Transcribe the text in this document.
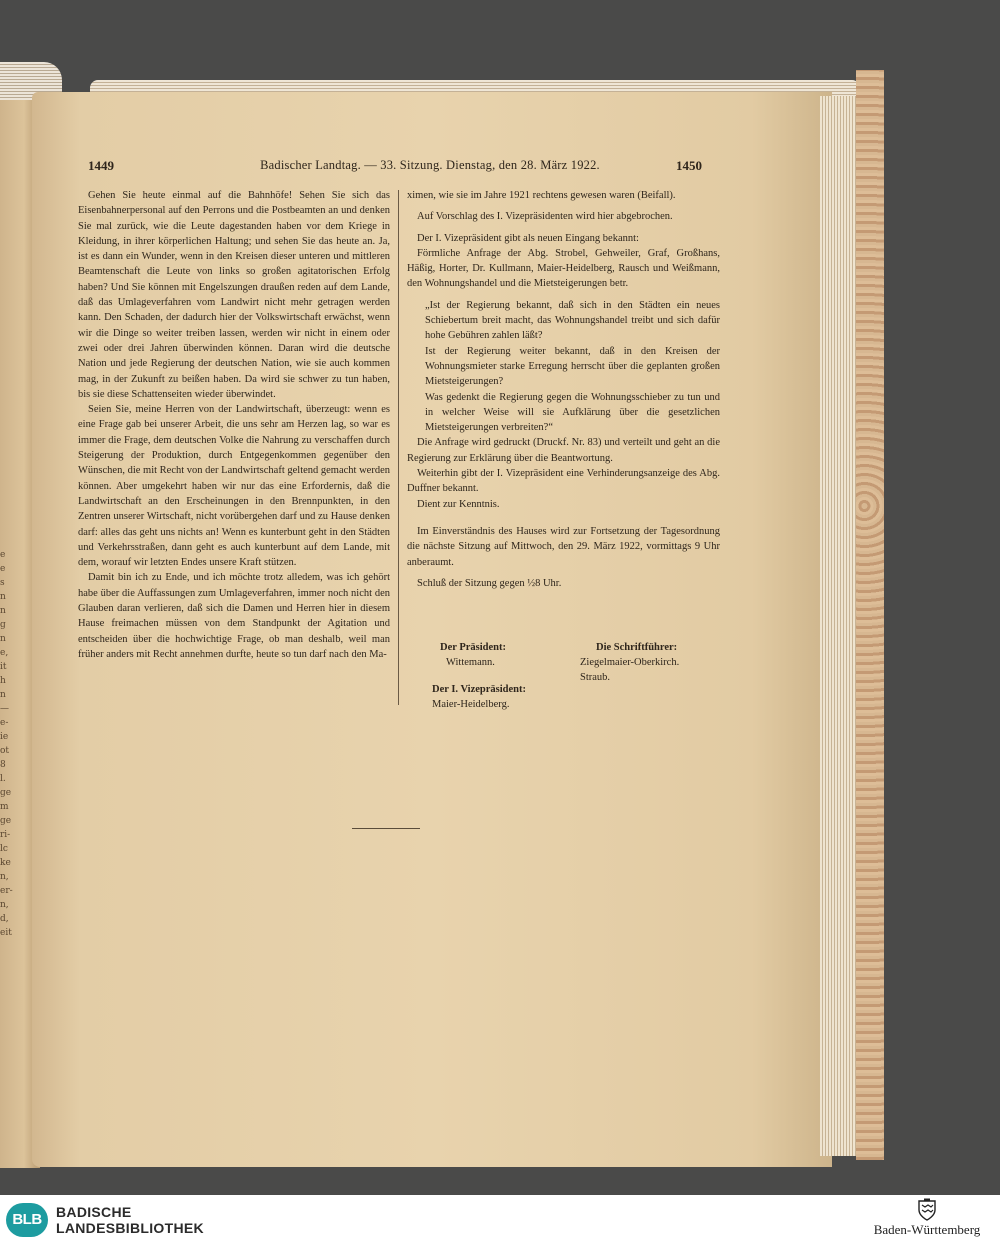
e
e
s
n
n
g
n
e,
it
h
n
—
e-
ie
ot
8
l.
ge
m
ge
ri-
lc
ke
n,
er-
n,
d,
eit
1449	Badischer Landtag. — 33. Sitzung. Dienstag, den 28. März 1922.	1450

Gehen Sie heute einmal auf die Bahnhöfe! Sehen Sie sich das Eisenbahnerpersonal auf den Perrons und die Postbeamten an und denken Sie mal zurück, wie die Leute dagestanden haben vor dem Kriege in Kleidung, in ihrer körperlichen Haltung; und sehen Sie das heute an. Ja, ist es dann ein Wunder, wenn in den Kreisen dieser unteren und mittleren Beamtenschaft die Leute von links so großen agitatorischen Erfolg haben? Und Sie können mit Engelszungen draußen reden auf dem Lande, daß das Umlageverfahren vom Landwirt nicht mehr getragen werden kann. Den Schaden, der dadurch hier der Volkswirtschaft erwächst, wenn wir die Dinge so weiter treiben lassen, werden wir nicht in einem oder zwei oder drei Jahren überwinden können. Daran wird die deutsche Nation und jede Regierung der deutschen Nation, wie sie auch kommen mag, in der Zukunft zu beißen haben. Da wird sie schwer zu tun haben, bis sie diese Schattenseiten wieder überwindet.

Seien Sie, meine Herren von der Landwirtschaft, überzeugt: wenn es eine Frage gab bei unserer Arbeit, die uns sehr am Herzen lag, so war es immer die Frage, dem deutschen Volke die Nahrung zu verschaffen durch Steigerung der Produktion, durch Entgegenkommen gegenüber den Wünschen, die mit Recht von der Landwirtschaft geltend gemacht werden können. Aber umgekehrt haben wir nur das eine Erfordernis, daß die Landwirtschaft an den Erscheinungen in den Brennpunkten, in den Zentren unserer Wirtschaft, nicht vorübergehen darf und zu Hause denken darf: alles das geht uns nichts an! Wenn es kunterbunt geht in den Städten und Verkehrsstraßen, dann geht es auch kunterbunt auf dem Lande, mit dem, worauf wir letzten Endes unsere Kraft stützen.

Damit bin ich zu Ende, und ich möchte trotz alledem, was ich gehört habe über die Auffassungen zum Umlageverfahren, immer noch nicht den Glauben daran verlieren, daß sich die Damen und Herren hier in diesem Hause freimachen müssen von dem Standpunkt der Agitation und entscheiden über die hochwichtige Frage, ob man deshalb, weil man früher anders mit Recht annehmen durfte, heute so tun darf nach den Ma-

ximen, wie sie im Jahre 1921 rechtens gewesen waren (Beifall).

Auf Vorschlag des I. Vizepräsidenten wird hier abgebrochen.

Der I. Vizepräsident gibt als neuen Eingang bekannt:

Förmliche Anfrage der Abg. Strobel, Gehweiler, Graf, Großhans, Häßig, Horter, Dr. Kullmann, Maier-Heidelberg, Rausch und Weißmann, den Wohnungshandel und die Mietsteigerungen betr.

„Ist der Regierung bekannt, daß sich in den Städten ein neues Schiebertum breit macht, das Wohnungshandel treibt und sich dafür hohe Gebühren zahlen läßt?

Ist der Regierung weiter bekannt, daß in den Kreisen der Wohnungsmieter starke Erregung herrscht über die geplanten großen Mietsteigerungen?

Was gedenkt die Regierung gegen die Wohnungsschieber zu tun und in welcher Weise will sie Aufklärung über die gesetzlichen Mietsteigerungen verbreiten?“

Die Anfrage wird gedruckt (Druckf. Nr. 83) und verteilt und geht an die Regierung zur Erklärung über die Beantwortung.

Weiterhin gibt der I. Vizepräsident eine Verhinderungsanzeige des Abg. Duffner bekannt.

Dient zur Kenntnis.

Im Einverständnis des Hauses wird zur Fortsetzung der Tagesordnung die nächste Sitzung auf Mittwoch, den 29. März 1922, vormittags 9 Uhr anberaumt.

Schluß der Sitzung gegen ½8 Uhr.

Der Präsident:
Wittemann.
Die Schriftführer:
Ziegelmaier-Oberkirch.
Straub.
Der I. Vizepräsident:
Maier-Heidelberg.
BLB	BADISCHE
LANDESBIBLIOTHEK	Baden-Württemberg
